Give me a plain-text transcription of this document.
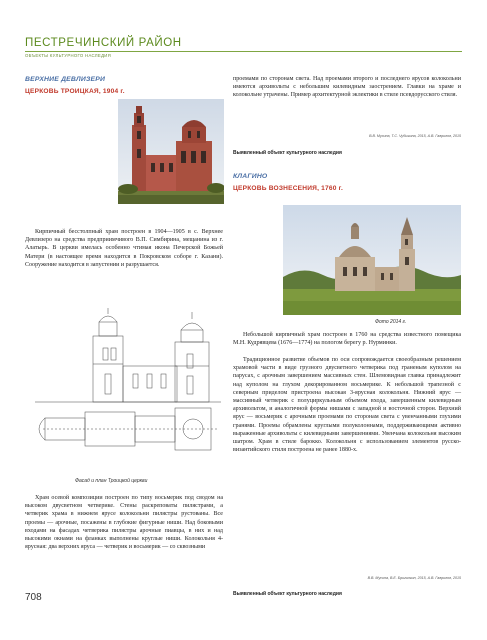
ПЕСТРЕЧИНСКИЙ РАЙОН
ОБЪЕКТЫ КУЛЬТУРНОГО НАСЛЕДИЯ
ВЕРХНИЕ ДЕВЛИЗЕРИ
ЦЕРКОВЬ ТРОИЦКАЯ, 1904 г.
Кирпичный бесстолпный храм построен в 1904—1905 в с. Верхнее Девлизеро на средства предприимчивого В.П. Симбирина, мещанина из г. Алатырь. В церкви имелась особенно чтимая икона Печерской Божьей Матери (в настоящее время находится в Покровском соборе г. Казани). Сооружение находится в запустении и разрушается.
Фасад и план Троицкой церкви
Храм осевой композиции построен по типу восьмерик под сводом на высоком двусветном четверике. Стены раскреповаты пилястрами, а четверик храма в нижнем ярусе колокольни пилястры рустованы. Все проемы — арочные, посажены в глубокие фигурные ниши. Над боковыми входами на фасадах четверика пилястры арочные пиавцы, в них и над высокими окнами на фланках выполнены круглые ниши. Колокольня 4-ярусная: два верхних яруса — четверик и восьмерик — со сквозными
проемами по сторонам света. Над проемами второго и последнего ярусов колокольни имеются архивольты с небольшим килевидным заострением. Главки на храме и колокольне утрачены. Пример архитектурной эклектики в стиле псевдорусского стиля.
В.В. Мусина, Т.С. Чубыкина, 2015, А.В. Гаврилов, 2015
Выявленный объект культурного наследия
КЛАГИНО
ЦЕРКОВЬ ВОЗНЕСЕНИЯ, 1760 г.
Фото 2014 г.
Небольшой кирпичный храм построен в 1760 на средства известного помещика М.Н. Кудрявцева (1676—1774) на пологом берегу р. Нурминки.
Традиционное развитие объемов по оси сопровождается своеобразным решением храмовой части в виде грузного двусветного четверика под граненым куполом на парусах, с арочным завершением массивных стен. Шлемовидная главка принадлежит над куполом на глухом декорированном восьмерике. К небольшой трапезной с северным приделом пристроена высокая 3-ярусная колокольня. Нижний ярус — массивный четверик с полуциркульным объемом входа, завершенным килевидным архивольтом, и аналогичной формы нишами с западной и восточной сторон. Верхний ярус — восьмерик с арочными проемами по сторонам света с увенчанными глухими гранями. Проемы обрамлены круглыми полуколоннами, поддерживающими активно выраженные архивольты с килевидными завершениями. Увенчана колокольня высоким шатром. Храм в стиле барокко. Колокольня с использованием элементов русско-византийского стиля построена не ранее 1880-х.
В.В. Мусина, В.Е. Бригилкин, 2015, А.В. Гаврилов, 2015
Выявленный объект культурного наследия
708
